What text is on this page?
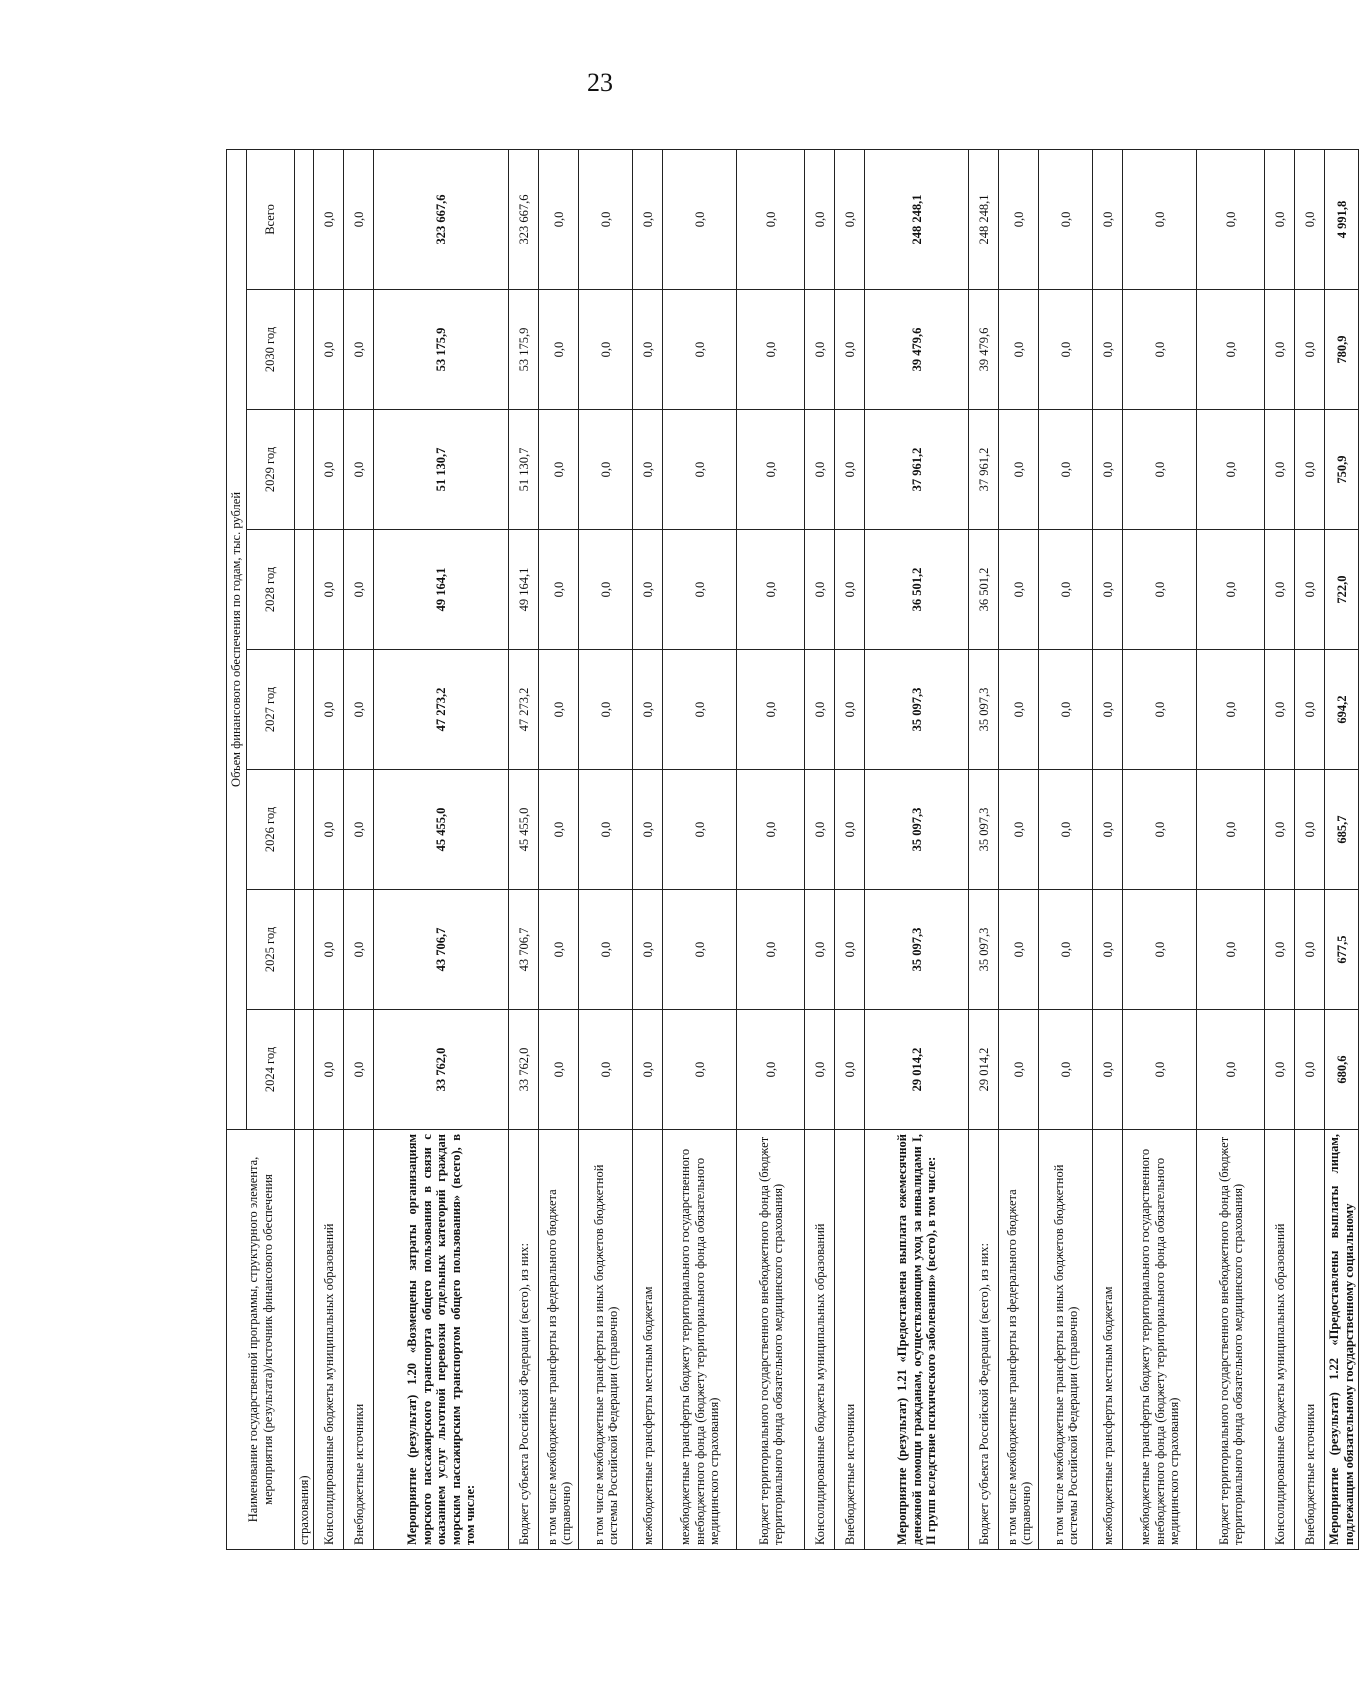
23
Наименование государственной программы, структурного элемента, мероприятия (результата)/источник финансового обеспечения	Объем финансового обеспечения по годам, тыс. рублей							
	2024 год	2025 год	2026 год	2027 год	2028 год	2029 год	2030 год	Всего
страхования)								
Консолидированные бюджеты муниципальных образований	0,0	0,0	0,0	0,0	0,0	0,0	0,0	0,0
Внебюджетные источники	0,0	0,0	0,0	0,0	0,0	0,0	0,0	0,0
Мероприятие (результат) 1.20 «Возмещены затраты организациям морского пассажирского транспорта общего пользования в связи с оказанием услуг льготной перевозки отдельных категорий граждан морским пассажирским транспортом общего пользования» (всего), в том числе:	33 762,0	43 706,7	45 455,0	47 273,2	49 164,1	51 130,7	53 175,9	323 667,6
Бюджет субъекта Российской Федерации (всего), из них:	33 762,0	43 706,7	45 455,0	47 273,2	49 164,1	51 130,7	53 175,9	323 667,6
в том числе межбюджетные трансферты из федерального бюджета (справочно)	0,0	0,0	0,0	0,0	0,0	0,0	0,0	0,0
в том числе межбюджетные трансферты из иных бюджетов бюджетной системы Российской Федерации (справочно)	0,0	0,0	0,0	0,0	0,0	0,0	0,0	0,0
межбюджетные трансферты местным бюджетам	0,0	0,0	0,0	0,0	0,0	0,0	0,0	0,0
межбюджетные трансферты бюджету территориального государственного внебюджетного фонда (бюджету территориального фонда обязательного медицинского страхования)	0,0	0,0	0,0	0,0	0,0	0,0	0,0	0,0
Бюджет территориального государственного внебюджетного фонда (бюджет территориального фонда обязательного медицинского страхования)	0,0	0,0	0,0	0,0	0,0	0,0	0,0	0,0
Консолидированные бюджеты муниципальных образований	0,0	0,0	0,0	0,0	0,0	0,0	0,0	0,0
Внебюджетные источники	0,0	0,0	0,0	0,0	0,0	0,0	0,0	0,0
Мероприятие (результат) 1.21 «Предоставлена выплата ежемесячной денежной помощи гражданам, осуществляющим уход за инвалидами I, II групп вследствие психического заболевания» (всего), в том числе:	29 014,2	35 097,3	35 097,3	35 097,3	36 501,2	37 961,2	39 479,6	248 248,1
Бюджет субъекта Российской Федерации (всего), из них:	29 014,2	35 097,3	35 097,3	35 097,3	36 501,2	37 961,2	39 479,6	248 248,1
в том числе межбюджетные трансферты из федерального бюджета (справочно)	0,0	0,0	0,0	0,0	0,0	0,0	0,0	0,0
в том числе межбюджетные трансферты из иных бюджетов бюджетной системы Российской Федерации (справочно)	0,0	0,0	0,0	0,0	0,0	0,0	0,0	0,0
межбюджетные трансферты местным бюджетам	0,0	0,0	0,0	0,0	0,0	0,0	0,0	0,0
межбюджетные трансферты бюджету территориального государственного внебюджетного фонда (бюджету территориального фонда обязательного медицинского страхования)	0,0	0,0	0,0	0,0	0,0	0,0	0,0	0,0
Бюджет территориального государственного внебюджетного фонда (бюджет территориального фонда обязательного медицинского страхования)	0,0	0,0	0,0	0,0	0,0	0,0	0,0	0,0
Консолидированные бюджеты муниципальных образований	0,0	0,0	0,0	0,0	0,0	0,0	0,0	0,0
Внебюджетные источники	0,0	0,0	0,0	0,0	0,0	0,0	0,0	0,0
Мероприятие (результат) 1.22 «Предоставлены выплаты лицам, подлежащим обязательному государственному социальному	680,6	677,5	685,7	694,2	722,0	750,9	780,9	4 991,8
